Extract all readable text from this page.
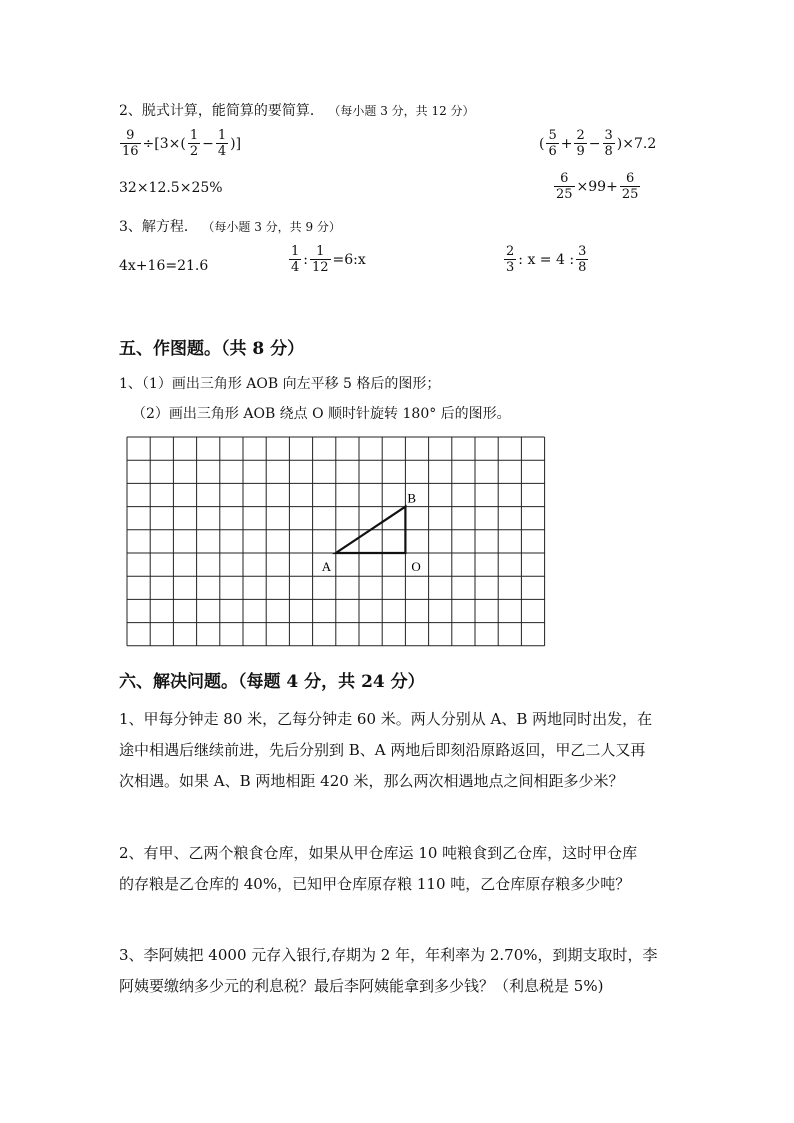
2、脱式计算，能简算的要简算． （每小题 3 分，共 12 分）
$\frac{9}{16} \div[3\times( \frac{1}{2} - \frac{1}{4}$ )]	( $\frac{5}{6} + \frac{2}{9} - \frac{3}{8} )\times 7.2$
32×12.5×25%	$\frac{6}{25} \times 99+ \frac{6}{25}$
3、解方程． （每小题 3 分，共 9 分）
4x+16=21.6	$\frac{1}{4}$ : $\frac{1}{12}$ =6:x	$\frac{2}{3}$ : x = 4 : $\frac{3}{8}$
五、作图题。（共 8 分）
1、（1）画出三角形 AOB 向左平移 5 格后的图形；
（2）画出三角形 AOB 绕点 O 顺时针旋转 180° 后的图形。
A
B
O
六、解决问题。（每题 4 分，共 24 分）
1、甲每分钟走 80 米，乙每分钟走 60 米。两人分别从 A、B 两地同时出发，在
途中相遇后继续前进，先后分别到 B、A 两地后即刻沿原路返回，甲乙二人又再
次相遇。如果 A、B 两地相距 420 米，那么两次相遇地点之间相距多少米？
2、有甲、乙两个粮食仓库，如果从甲仓库运 10 吨粮食到乙仓库，这时甲仓库
的存粮是乙仓库的 40%，已知甲仓库原存粮 110 吨，乙仓库原存粮多少吨？
3、李阿姨把 4000 元存入银行,存期为 2 年，年利率为 2.70%，到期支取时，李
阿姨要缴纳多少元的利息税？最后李阿姨能拿到多少钱？（利息税是 5%)
